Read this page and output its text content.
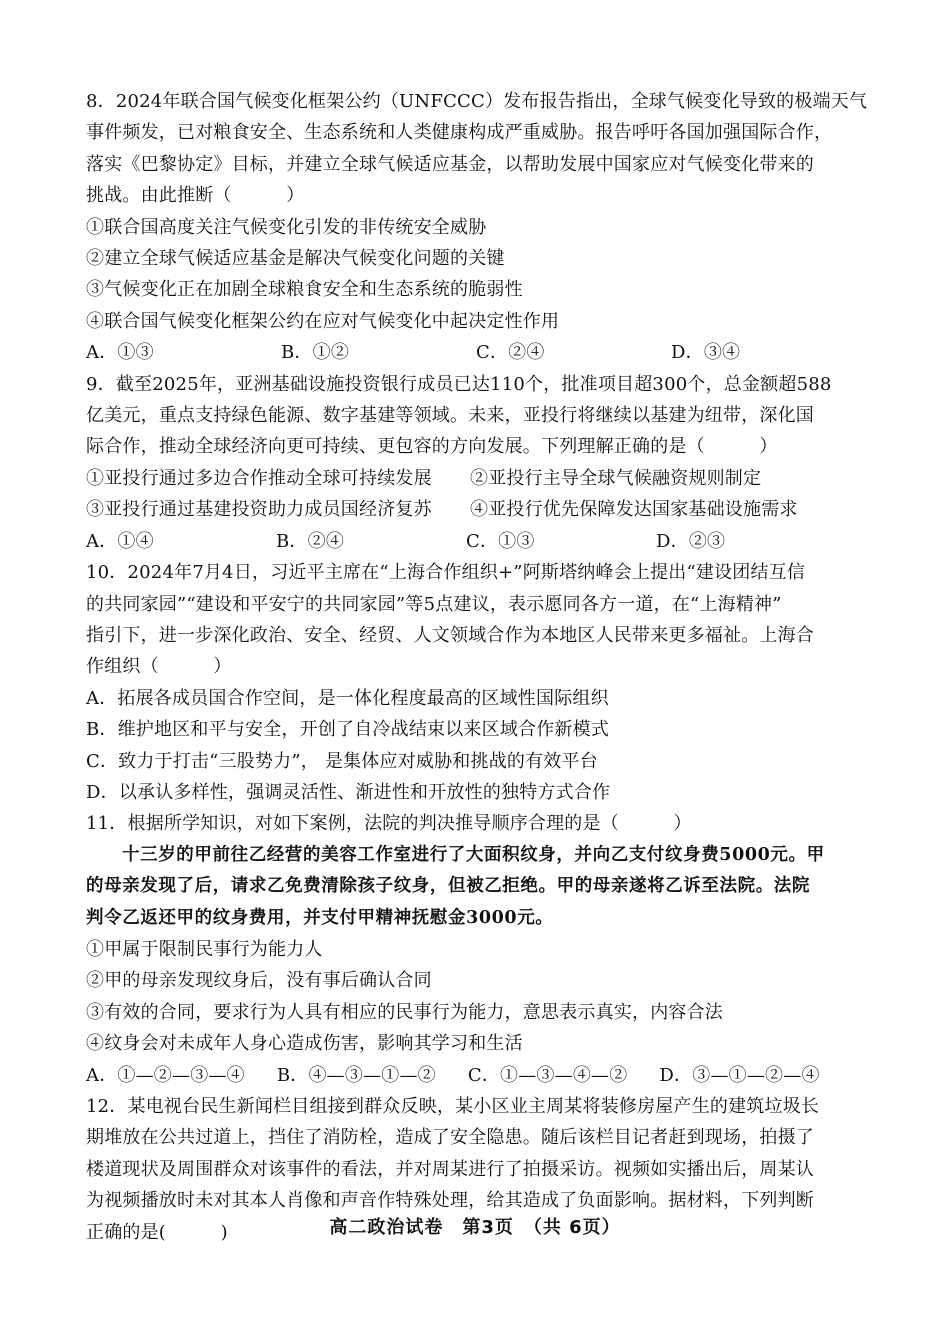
8．2024年联合国气候变化框架公约（UNFCCC）发布报告指出，全球气候变化导致的极端天气
事件频发，已对粮食安全、生态系统和人类健康构成严重威胁。报告呼吁各国加强国际合作，
落实《巴黎协定》目标，并建立全球气候适应基金，以帮助发展中国家应对气候变化带来的
挑战。由此推断（　　　）
①联合国高度关注气候变化引发的非传统安全威胁
②建立全球气候适应基金是解决气候变化问题的关键
③气候变化正在加剧全球粮食安全和生态系统的脆弱性
④联合国气候变化框架公约在应对气候变化中起决定性作用
A．①③	B．①②	C．②④	D．③④
9．截至2025年，亚洲基础设施投资银行成员已达110个，批准项目超300个，总金额超588
亿美元，重点支持绿色能源、数字基建等领域。未来，亚投行将继续以基建为纽带，深化国
际合作，推动全球经济向更可持续、更包容的方向发展。下列理解正确的是（　　　）
①亚投行通过多边合作推动全球可持续发展 ②亚投行主导全球气候融资规则制定
③亚投行通过基建投资助力成员国经济复苏 ④亚投行优先保障发达国家基础设施需求
A．①④	B．②④	C．①③	D．②③
10．2024年7月4日，习近平主席在“上海合作组织+”阿斯塔纳峰会上提出“建设团结互信
的共同家园”“建设和平安宁的共同家园”等5点建议，表示愿同各方一道，在“上海精神”
指引下，进一步深化政治、安全、经贸、人文领域合作为本地区人民带来更多福祉。上海合
作组织（　　　）
A．拓展各成员国合作空间，是一体化程度最高的区域性国际组织
B．维护地区和平与安全，开创了自冷战结束以来区域合作新模式
C．致力于打击“三股势力”， 是集体应对威胁和挑战的有效平台
D．以承认多样性，强调灵活性、渐进性和开放性的独特方式合作
11．根据所学知识，对如下案例，法院的判决推导顺序合理的是（　　　）
十三岁的甲前往乙经营的美容工作室进行了大面积纹身，并向乙支付纹身费5000元。甲
的母亲发现了后，请求乙免费清除孩子纹身，但被乙拒绝。甲的母亲遂将乙诉至法院。法院
判令乙返还甲的纹身费用，并支付甲精神抚慰金3000元。
①甲属于限制民事行为能力人
②甲的母亲发现纹身后，没有事后确认合同
③有效的合同，要求行为人具有相应的民事行为能力，意思表示真实，内容合法
④纹身会对未成年人身心造成伤害，影响其学习和生活
A．①—②—③—④ B．④—③—①—② C．①—③—④—② D．③—①—②—④
12．某电视台民生新闻栏目组接到群众反映，某小区业主周某将装修房屋产生的建筑垃圾长
期堆放在公共过道上，挡住了消防栓，造成了安全隐患。随后该栏目记者赶到现场，拍摄了
楼道现状及周围群众对该事件的看法，并对周某进行了拍摄采访。视频如实播出后，周某认
为视频播放时未对其本人肖像和声音作特殊处理，给其造成了负面影响。据材料，下列判断
正确的是(　　　)	高二政治试卷　第3页　（共 6页）
